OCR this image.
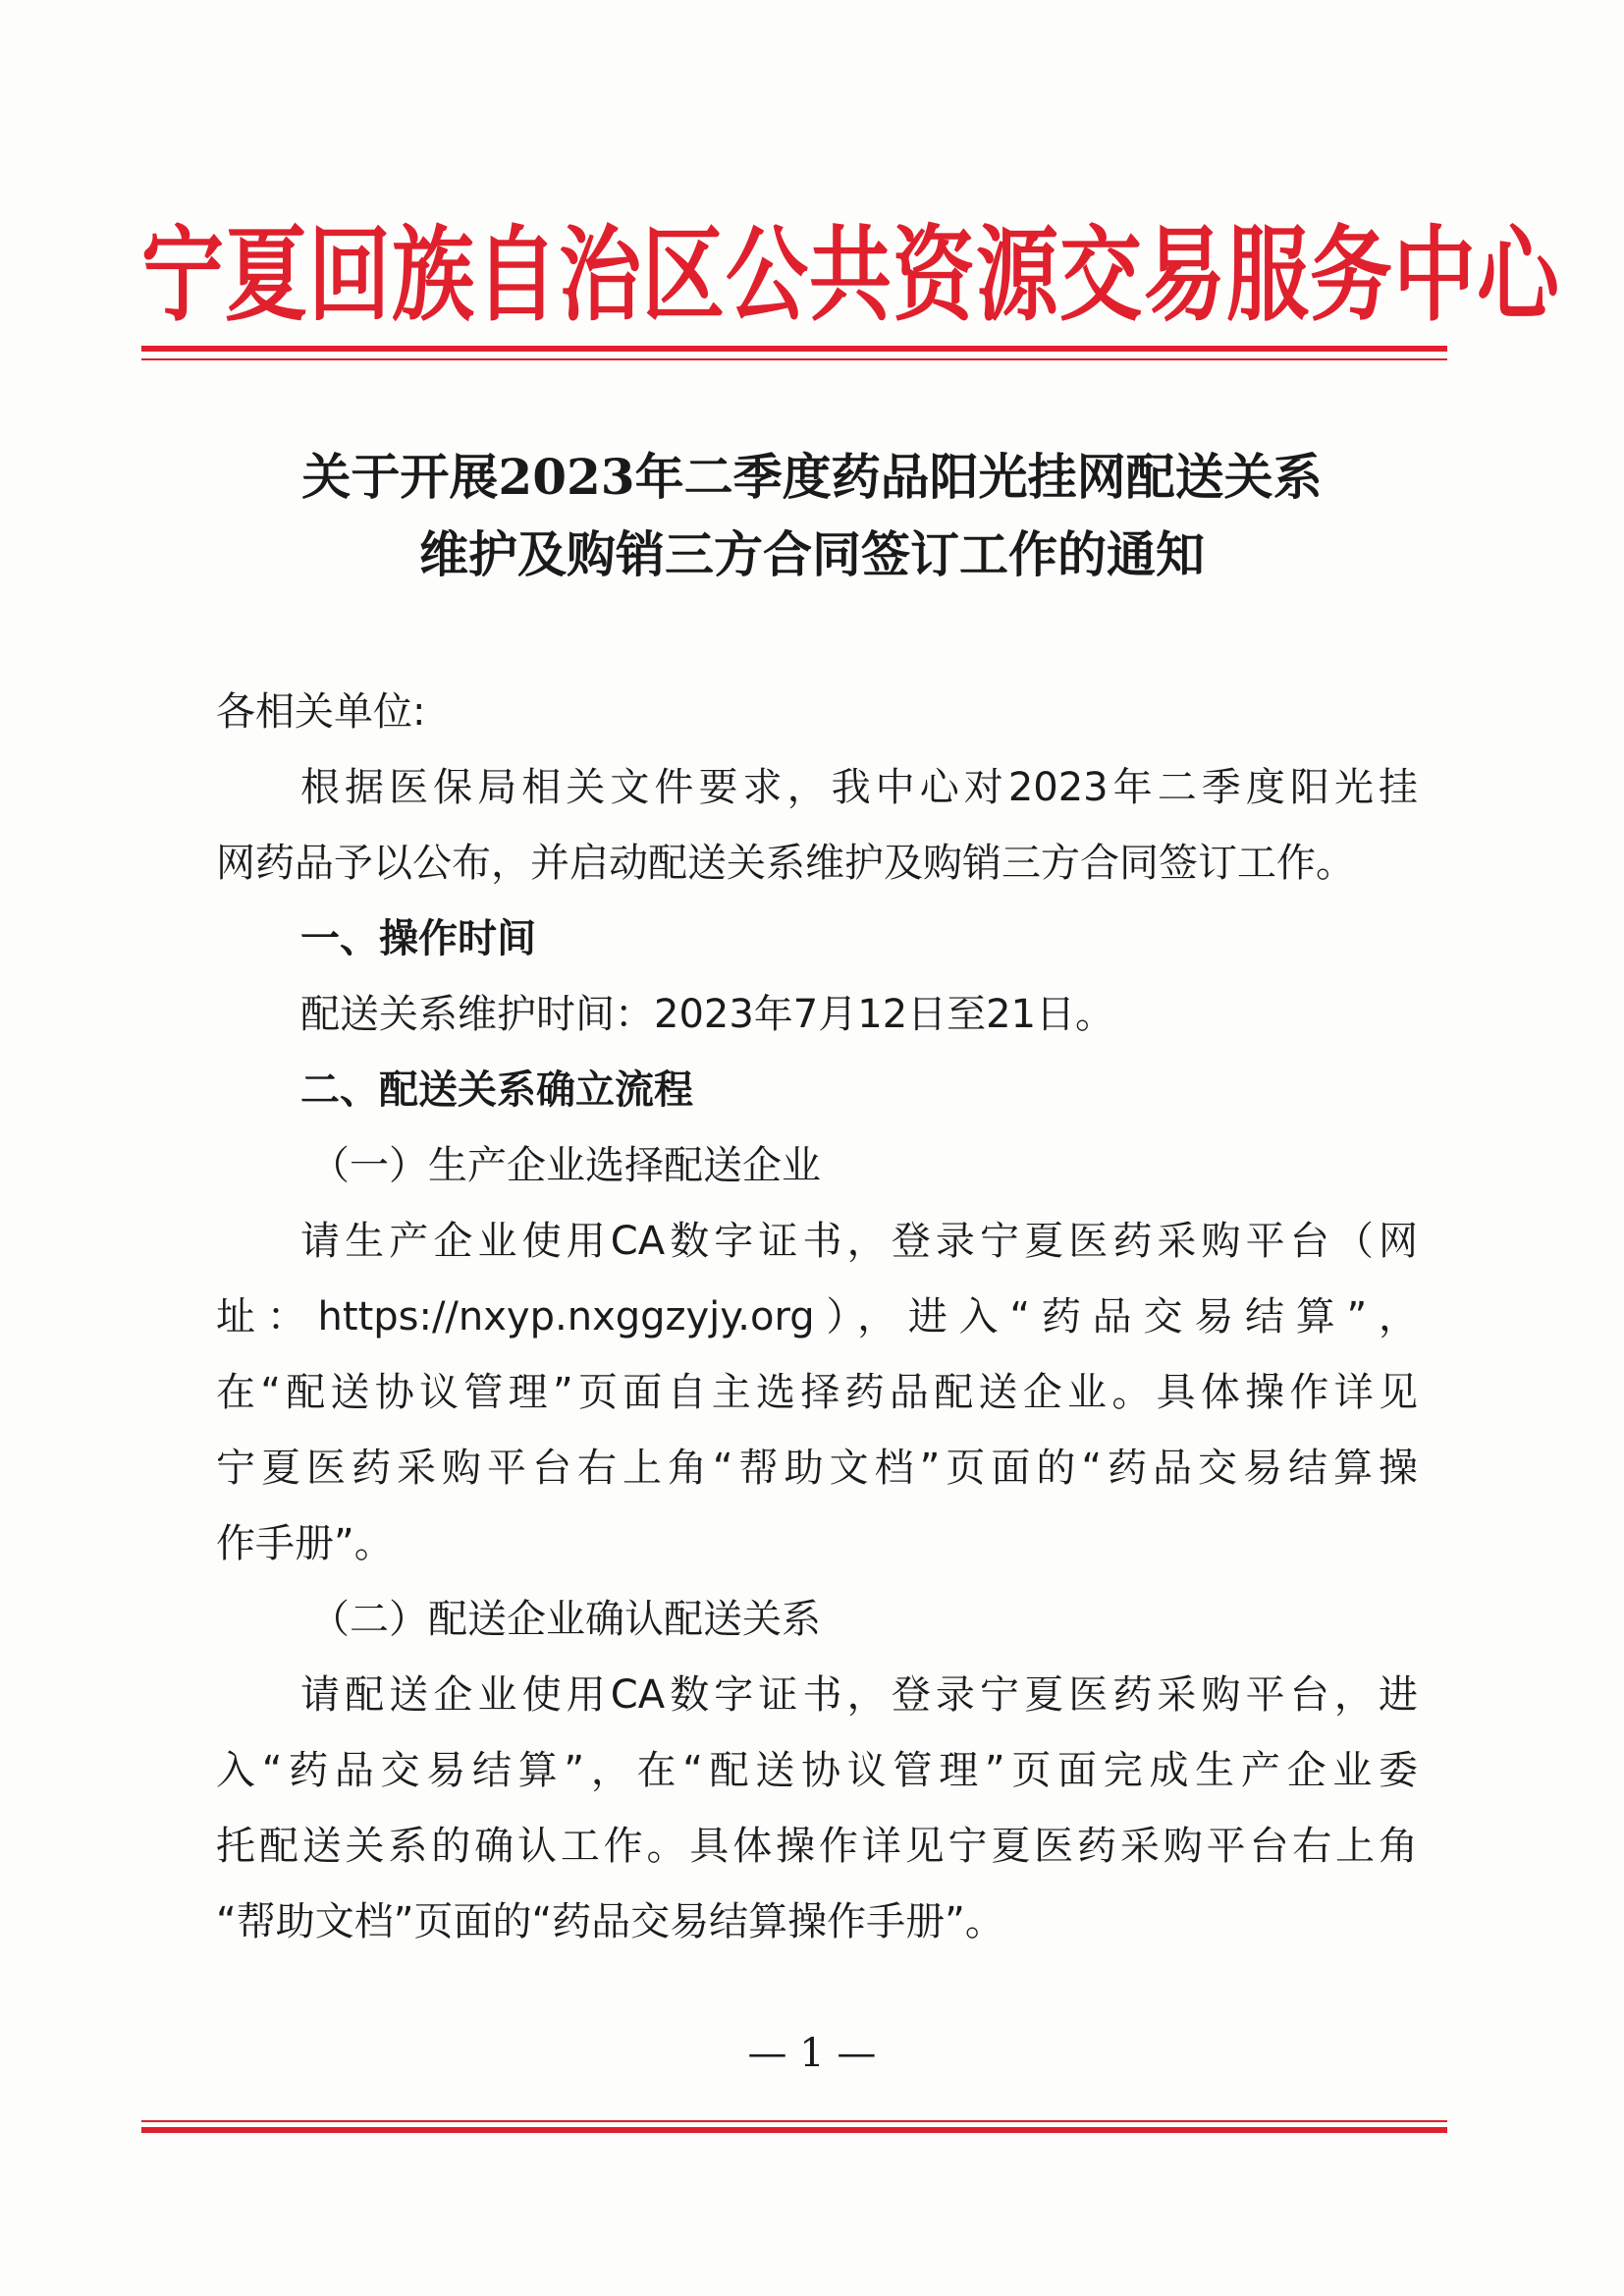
宁夏回族自治区公共资源交易服务中心
关于开展2023年二季度药品阳光挂网配送关系
维护及购销三方合同签订工作的通知
各相关单位:
根据医保局相关文件要求，我中心对2023年二季度阳光挂
网药品予以公布，并启动配送关系维护及购销三方合同签订工作。
一、操作时间
配送关系维护时间：2023年7月12日至21日。
二、配送关系确立流程
（一）生产企业选择配送企业
请生产企业使用CA数字证书，登录宁夏医药采购平台（网
址：https://nxyp.nxggzyjy.org），进入“药品交易结算”，
在“配送协议管理”页面自主选择药品配送企业。具体操作详见
宁夏医药采购平台右上角“帮助文档”页面的“药品交易结算操
作手册”。
（二）配送企业确认配送关系
请配送企业使用CA数字证书，登录宁夏医药采购平台，进
入“药品交易结算”，在“配送协议管理”页面完成生产企业委
托配送关系的确认工作。具体操作详见宁夏医药采购平台右上角
“帮助文档”页面的“药品交易结算操作手册”。
— 1 —
